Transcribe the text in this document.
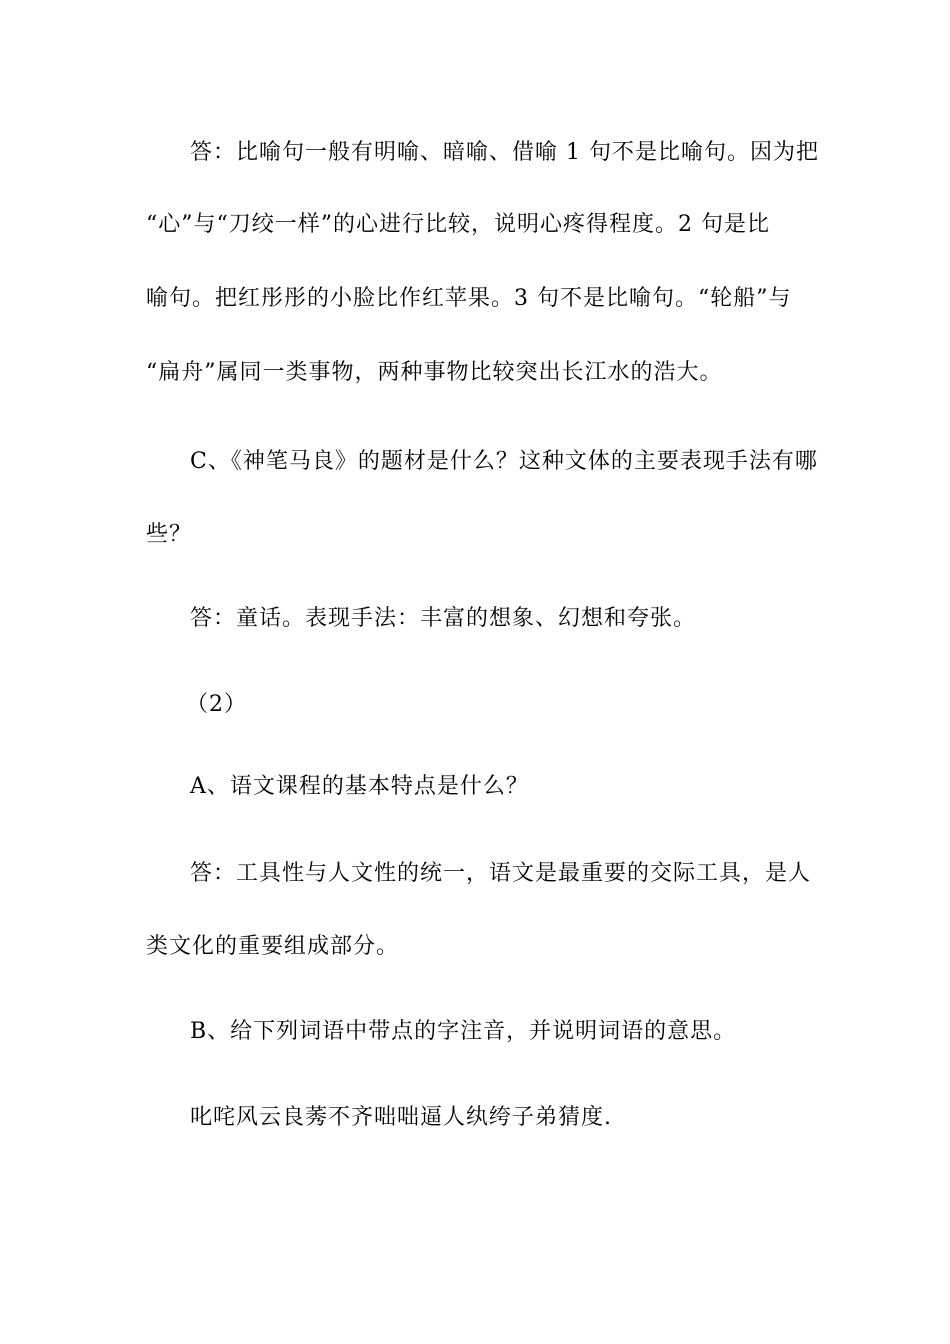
答：比喻句一般有明喻、暗喻、借喻 1 句不是比喻句。因为把
“心”与“刀绞一样”的心进行比较，说明心疼得程度。2 句是比
喻句。把红彤彤的小脸比作红苹果。3 句不是比喻句。“轮船”与
“扁舟”属同一类事物，两种事物比较突出长江水的浩大。
C、《神笔马良》的题材是什么？这种文体的主要表现手法有哪
些？
答：童话。表现手法：丰富的想象、幻想和夸张。
（2）
A、语文课程的基本特点是什么？
答：工具性与人文性的统一，语文是最重要的交际工具，是人
类文化的重要组成部分。
B、给下列词语中带点的字注音，并说明词语的意思。
叱咤风云良莠不齐咄咄逼人纨绔子弟猜度.
